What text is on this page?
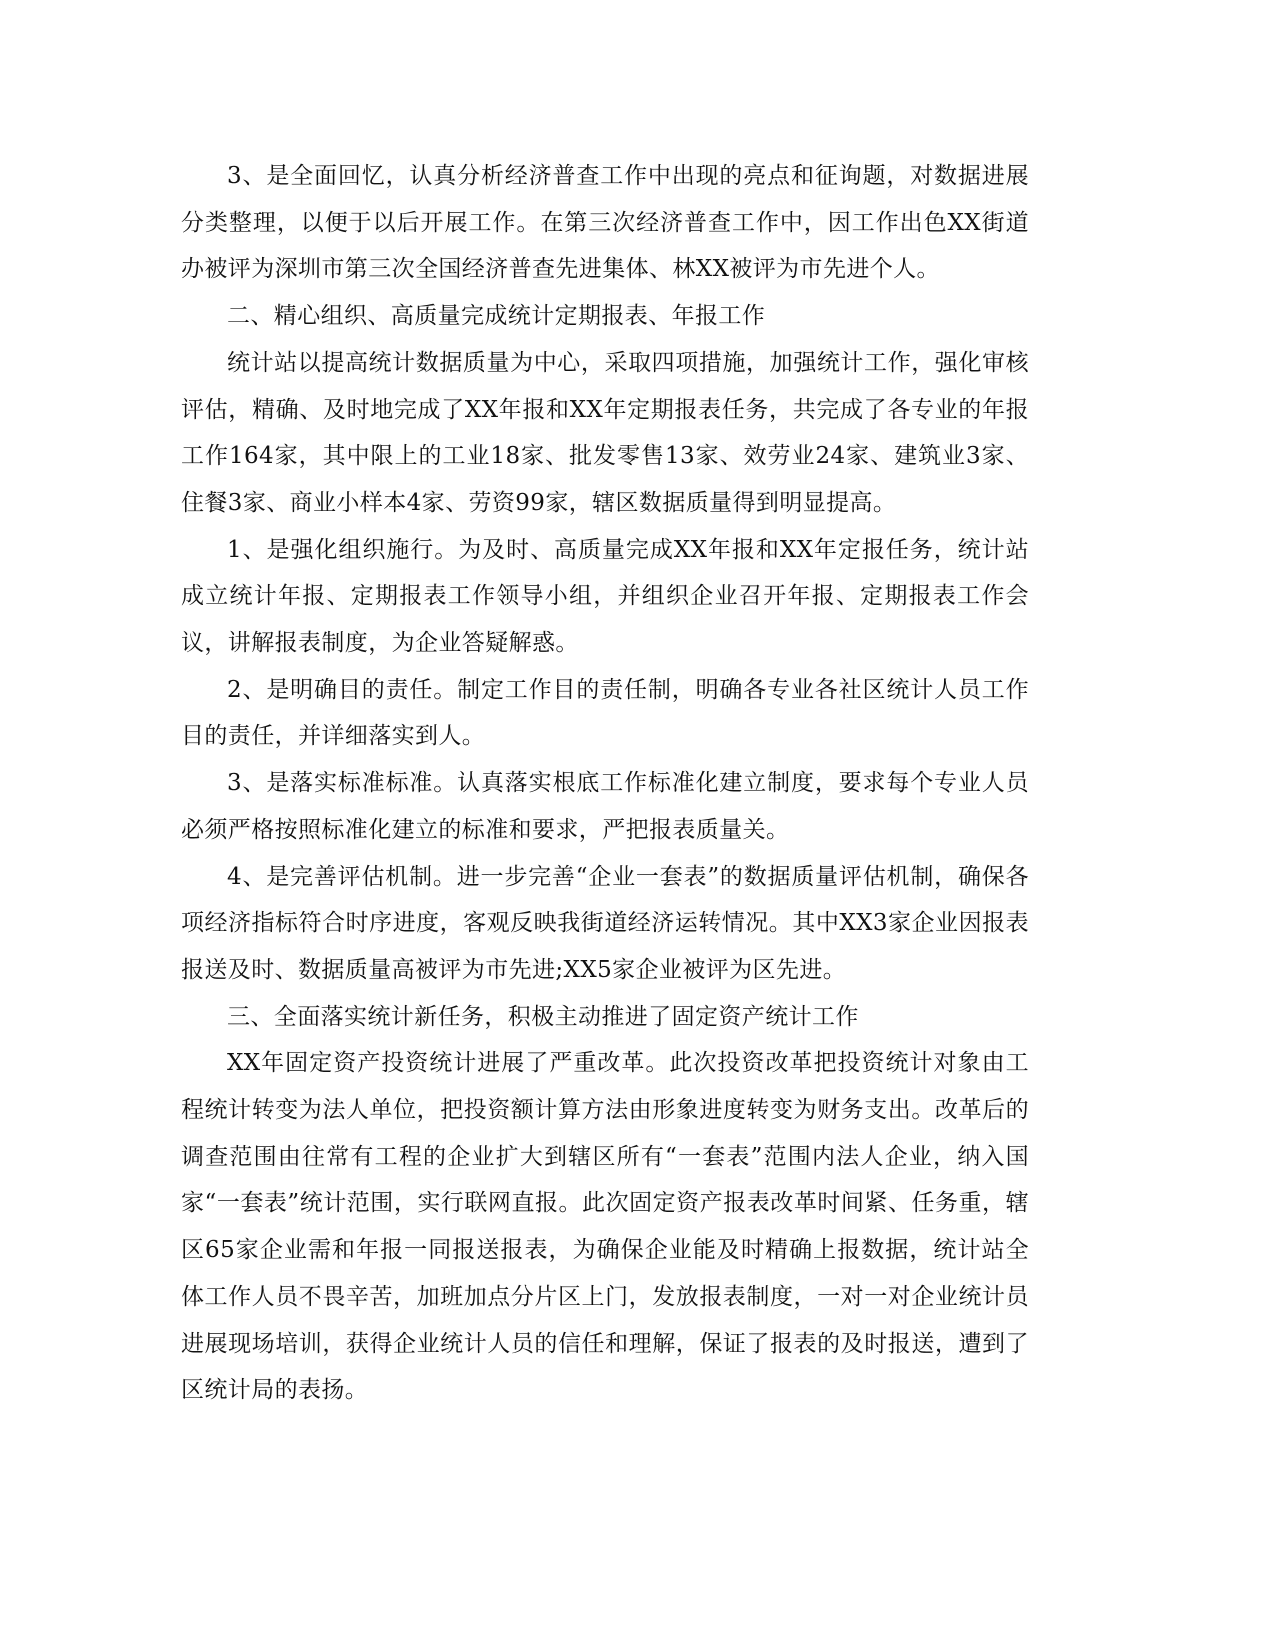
3、是全面回忆，认真分析经济普查工作中出现的亮点和征询题，对数据进展分类整理，以便于以后开展工作。在第三次经济普查工作中，因工作出色XX街道办被评为深圳市第三次全国经济普查先进集体、林XX被评为市先进个人。

二、精心组织、高质量完成统计定期报表、年报工作

统计站以提高统计数据质量为中心，采取四项措施，加强统计工作，强化审核评估，精确、及时地完成了XX年报和XX年定期报表任务，共完成了各专业的年报工作164家，其中限上的工业18家、批发零售13家、效劳业24家、建筑业3家、住餐3家、商业小样本4家、劳资99家，辖区数据质量得到明显提高。

1、是强化组织施行。为及时、高质量完成XX年报和XX年定报任务，统计站成立统计年报、定期报表工作领导小组，并组织企业召开年报、定期报表工作会议，讲解报表制度，为企业答疑解惑。

2、是明确目的责任。制定工作目的责任制，明确各专业各社区统计人员工作目的责任，并详细落实到人。

3、是落实标准标准。认真落实根底工作标准化建立制度，要求每个专业人员必须严格按照标准化建立的标准和要求，严把报表质量关。

4、是完善评估机制。进一步完善“企业一套表”的数据质量评估机制，确保各项经济指标符合时序进度，客观反映我街道经济运转情况。其中XX3家企业因报表报送及时、数据质量高被评为市先进;XX5家企业被评为区先进。

三、全面落实统计新任务，积极主动推进了固定资产统计工作

XX年固定资产投资统计进展了严重改革。此次投资改革把投资统计对象由工程统计转变为法人单位，把投资额计算方法由形象进度转变为财务支出。改革后的调查范围由往常有工程的企业扩大到辖区所有“一套表”范围内法人企业，纳入国家“一套表”统计范围，实行联网直报。此次固定资产报表改革时间紧、任务重，辖区65家企业需和年报一同报送报表，为确保企业能及时精确上报数据，统计站全体工作人员不畏辛苦，加班加点分片区上门，发放报表制度，一对一对企业统计员进展现场培训，获得企业统计人员的信任和理解，保证了报表的及时报送，遭到了区统计局的表扬。
